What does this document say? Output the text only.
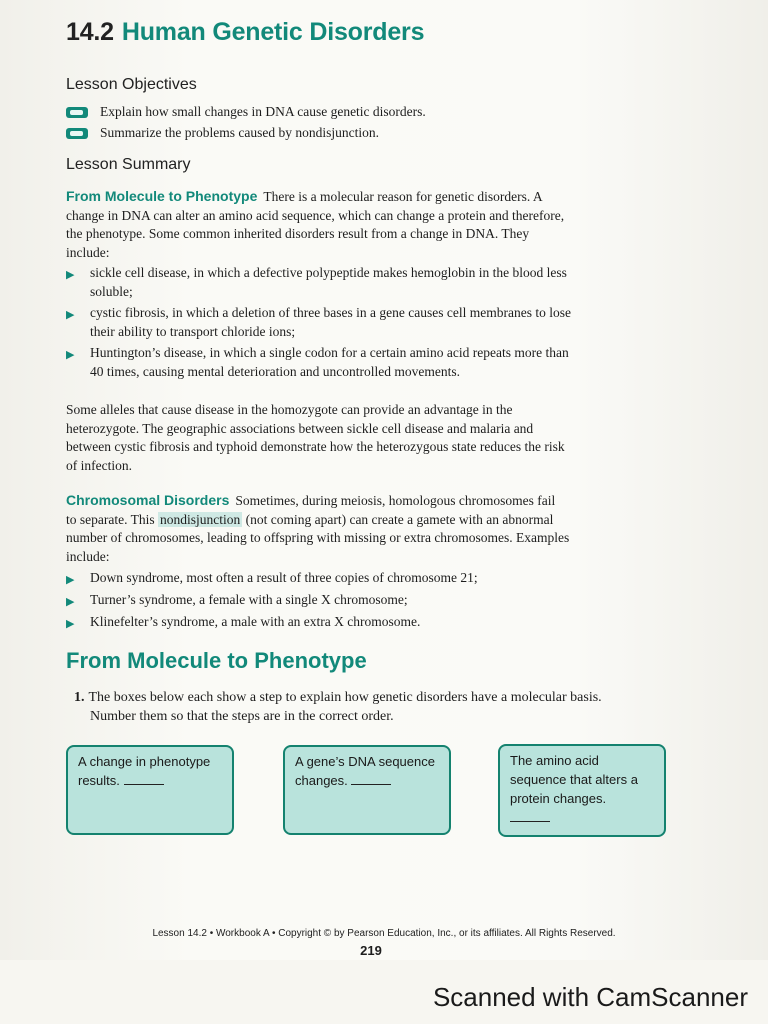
14.2 Human Genetic Disorders
Lesson Objectives
Explain how small changes in DNA cause genetic disorders.
Summarize the problems caused by nondisjunction.
Lesson Summary
From Molecule to Phenotype There is a molecular reason for genetic disorders. A
change in DNA can alter an amino acid sequence, which can change a protein and therefore,
the phenotype. Some common inherited disorders result from a change in DNA. They
include:
▶	sickle cell disease, in which a defective polypeptide makes hemoglobin in the blood less
soluble;
▶	cystic fibrosis, in which a deletion of three bases in a gene causes cell membranes to lose
their ability to transport chloride ions;
▶	Huntington’s disease, in which a single codon for a certain amino acid repeats more than
40 times, causing mental deterioration and uncontrolled movements.
Some alleles that cause disease in the homozygote can provide an advantage in the
heterozygote. The geographic associations between sickle cell disease and malaria and
between cystic fibrosis and typhoid demonstrate how the heterozygous state reduces the risk
of infection.
Chromosomal Disorders Sometimes, during meiosis, homologous chromosomes fail
to separate. This nondisjunction (not coming apart) can create a gamete with an abnormal
number of chromosomes, leading to offspring with missing or extra chromosomes. Examples
include:
▶	Down syndrome, most often a result of three copies of chromosome 21;
▶	Turner’s syndrome, a female with a single X chromosome;
▶	Klinefelter’s syndrome, a male with an extra X chromosome.
From Molecule to Phenotype
1. The boxes below each show a step to explain how genetic disorders have a molecular basis.
Number them so that the steps are in the correct order.
A change in phenotype
results.
A gene’s DNA sequence
changes.
The amino acid
sequence that alters a
protein changes.

Lesson 14.2 • Workbook A • Copyright © by Pearson Education, Inc., or its affiliates. All Rights Reserved.
219
Scanned with CamScanner
